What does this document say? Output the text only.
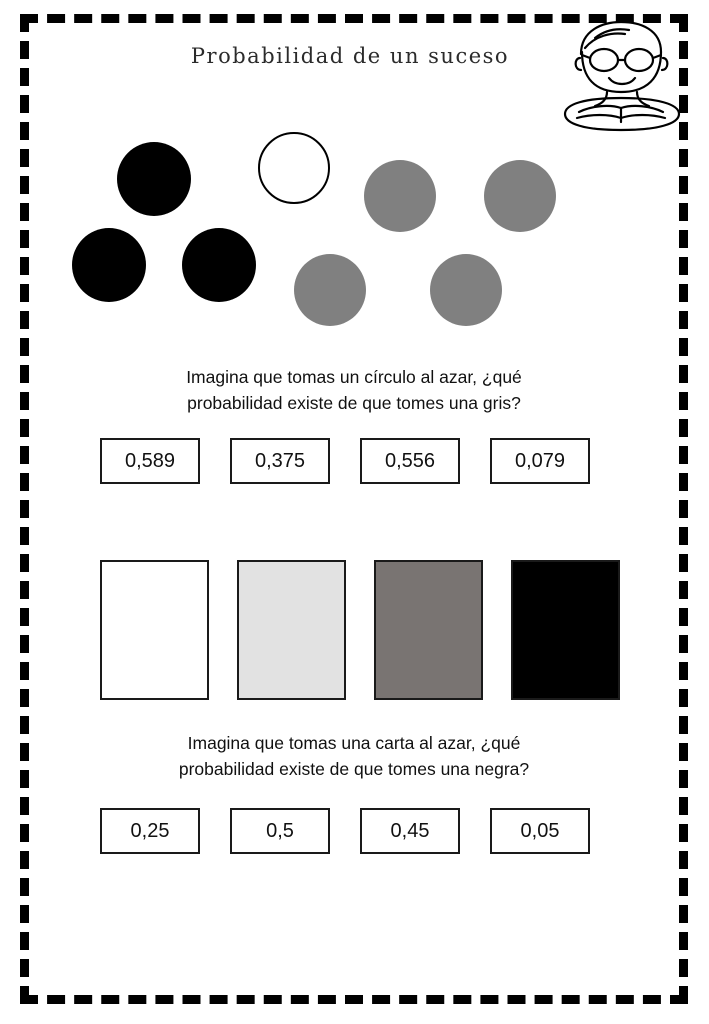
Probabilidad de un suceso
Imagina que tomas un círculo al azar, ¿qué
probabilidad existe de que tomes una gris?
0,589	0,375	0,556	0,079
Imagina que tomas una carta al azar, ¿qué
probabilidad existe de que tomes una negra?
0,25	0,5	0,45	0,05
